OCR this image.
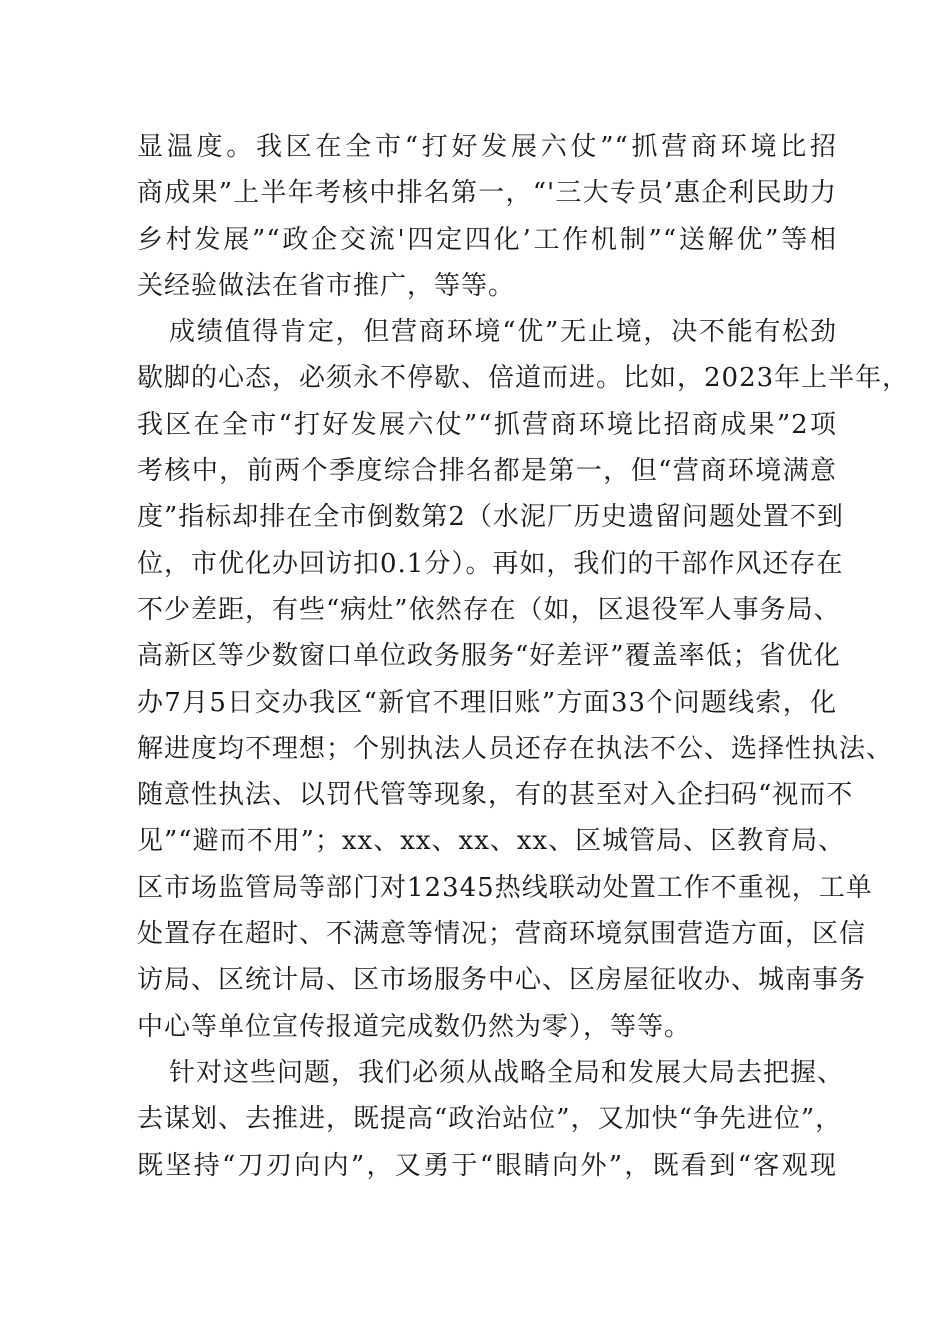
显温度。我区在全市“打好发展六仗”“抓营商环境比招
商成果”上半年考核中排名第一，“'三大专员’惠企利民助力
乡村发展”“政企交流'四定四化’工作机制”“送解优”等相
关经验做法在省市推广，等等。
成绩值得肯定，但营商环境“优”无止境，决不能有松劲
歇脚的心态，必须永不停歇、倍道而进。比如，2023年上半年，
我区在全市“打好发展六仗”“抓营商环境比招商成果”2项
考核中，前两个季度综合排名都是第一，但“营商环境满意
度”指标却排在全市倒数第2（水泥厂历史遗留问题处置不到
位，市优化办回访扣0.1分）。再如，我们的干部作风还存在
不少差距，有些“病灶”依然存在（如，区退役军人事务局、
高新区等少数窗口单位政务服务“好差评”覆盖率低；省优化
办7月5日交办我区“新官不理旧账”方面33个问题线索，化
解进度均不理想；个别执法人员还存在执法不公、选择性执法、
随意性执法、以罚代管等现象，有的甚至对入企扫码“视而不
见”“避而不用”；xx、xx、xx、xx、区城管局、区教育局、
区市场监管局等部门对12345热线联动处置工作不重视，工单
处置存在超时、不满意等情况；营商环境氛围营造方面，区信
访局、区统计局、区市场服务中心、区房屋征收办、城南事务
中心等单位宣传报道完成数仍然为零），等等。
针对这些问题，我们必须从战略全局和发展大局去把握、
去谋划、去推进，既提高“政治站位”，又加快“争先进位”，
既坚持“刀刃向内”，又勇于“眼睛向外”，既看到“客观现
